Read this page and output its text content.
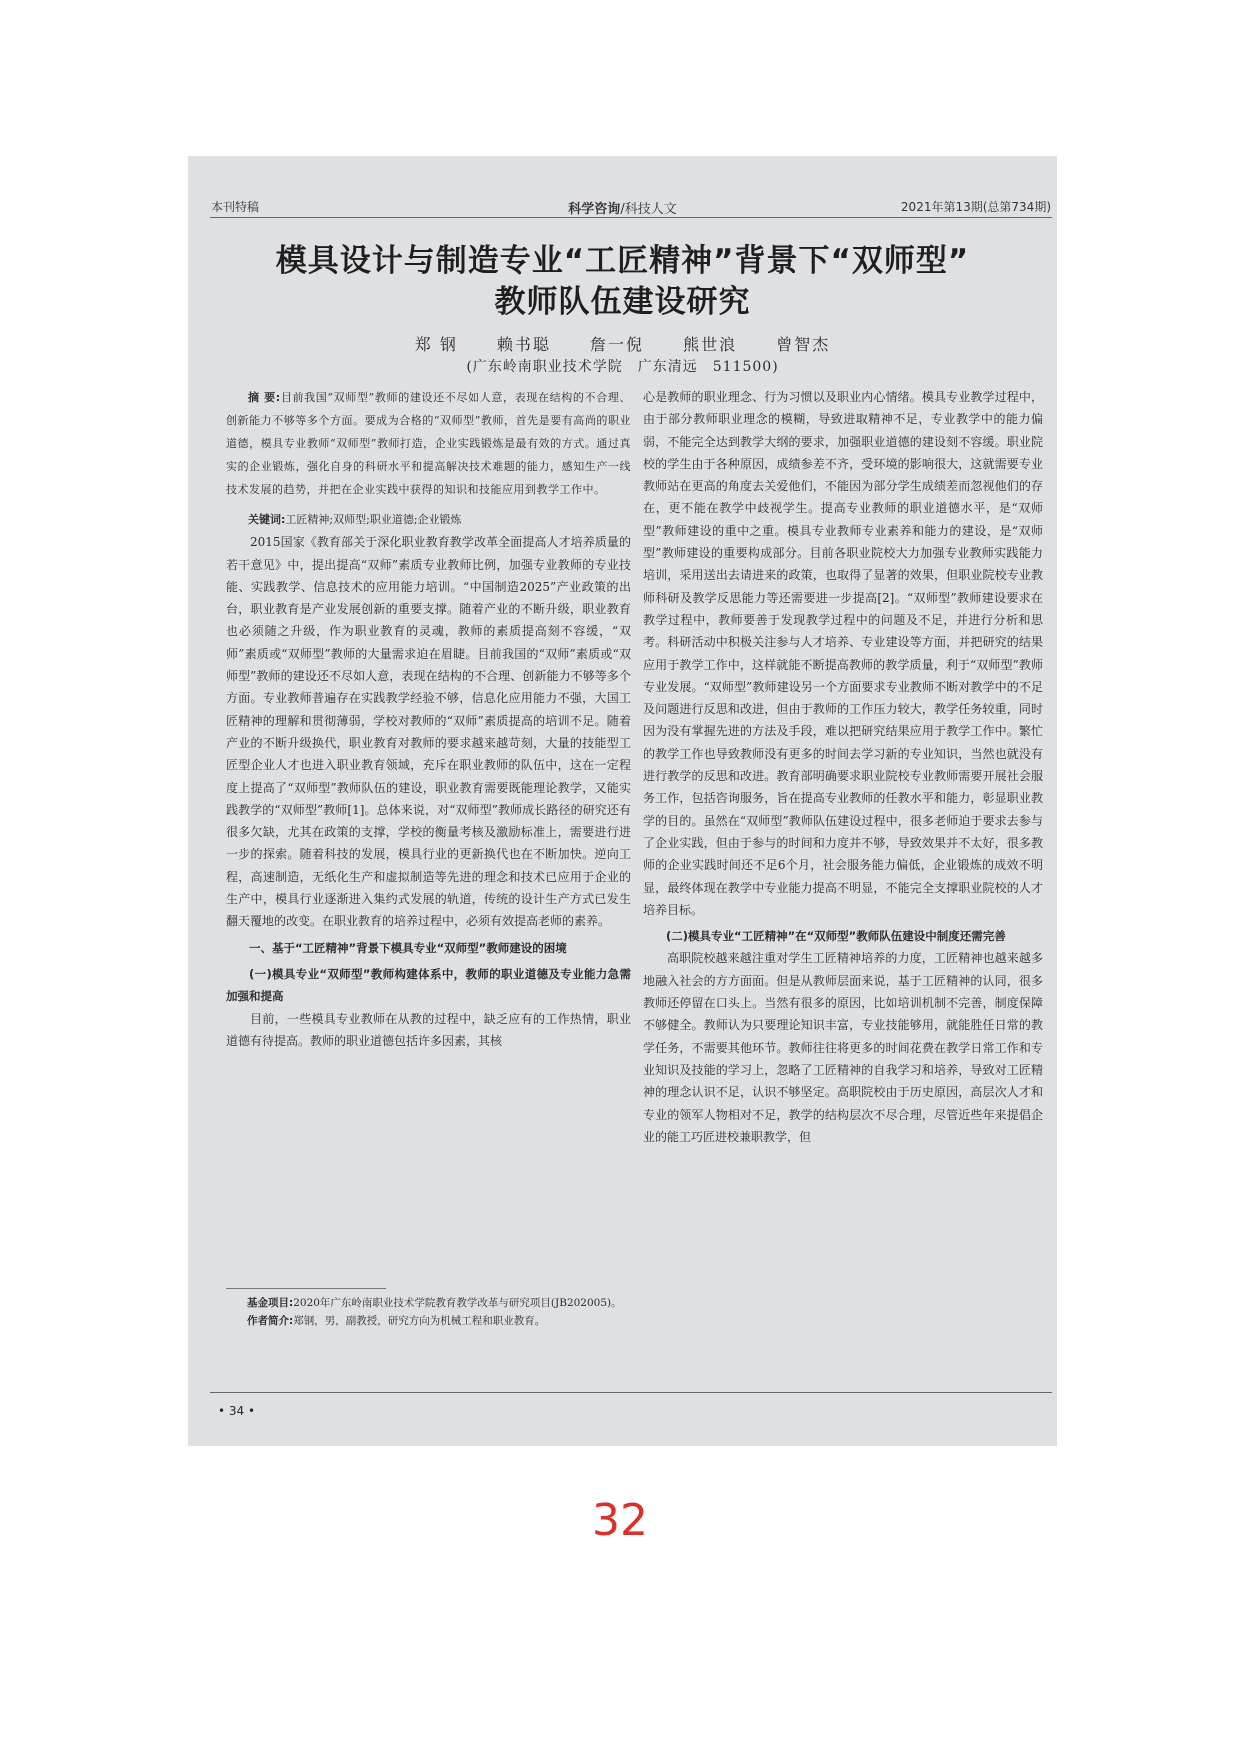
本刊特稿	科学咨询/科技人文	2021年第13期(总第734期)
模具设计与制造专业“工匠精神”背景下“双师型”
教师队伍建设研究
郑 钢 赖书聪 詹一倪 熊世浪 曾智杰
(广东岭南职业技术学院　广东清远　511500)

摘 要:目前我国“双师型”教师的建设还不尽如人意，表现在结构的不合理、创新能力不够等多个方面。要成为合格的“双师型”教师，首先是要有高尚的职业道德，模具专业教师“双师型”教师打造，企业实践锻炼是最有效的方式。通过真实的企业锻炼，强化自身的科研水平和提高解决技术难题的能力，感知生产一线技术发展的趋势，并把在企业实践中获得的知识和技能应用到教学工作中。

关键词:工匠精神;双师型;职业道德;企业锻炼

2015国家《教育部关于深化职业教育教学改革全面提高人才培养质量的若干意见》中，提出提高“双师”素质专业教师比例，加强专业教师的专业技能、实践教学、信息技术的应用能力培训。“中国制造2025”产业政策的出台，职业教育是产业发展创新的重要支撑。随着产业的不断升级，职业教育也必须随之升级，作为职业教育的灵魂，教师的素质提高刻不容缓，“双师”素质或“双师型”教师的大量需求迫在眉睫。目前我国的“双师”素质或“双师型”教师的建设还不尽如人意，表现在结构的不合理、创新能力不够等多个方面。专业教师普遍存在实践教学经验不够，信息化应用能力不强，大国工匠精神的理解和贯彻薄弱，学校对教师的“双师”素质提高的培训不足。随着产业的不断升级换代，职业教育对教师的要求越来越苛刻，大量的技能型工匠型企业人才也进入职业教育领域，充斥在职业教师的队伍中，这在一定程度上提高了“双师型”教师队伍的建设，职业教育需要既能理论教学，又能实践教学的“双师型”教师[1]。总体来说，对“双师型”教师成长路径的研究还有很多欠缺，尤其在政策的支撑，学校的衡量考核及激励标准上，需要进行进一步的探索。随着科技的发展，模具行业的更新换代也在不断加快。逆向工程，高速制造，无纸化生产和虚拟制造等先进的理念和技术已应用于企业的生产中，模具行业逐渐进入集约式发展的轨道，传统的设计生产方式已发生翻天覆地的改变。在职业教育的培养过程中，必须有效提高老师的素养。

一、基于“工匠精神”背景下模具专业“双师型”教师建设的困境

(一)模具专业“双师型”教师构建体系中，教师的职业道德及专业能力急需加强和提高

目前，一些模具专业教师在从教的过程中，缺乏应有的工作热情，职业道德有待提高。教师的职业道德包括许多因素，其核

基金项目:2020年广东岭南职业技术学院教育教学改革与研究项目(JB202005)。

作者简介:郑钢，男，副教授，研究方向为机械工程和职业教育。

心是教师的职业理念、行为习惯以及职业内心情绪。模具专业教学过程中，由于部分教师职业理念的模糊，导致进取精神不足，专业教学中的能力偏弱，不能完全达到教学大纲的要求，加强职业道德的建设刻不容缓。职业院校的学生由于各种原因，成绩参差不齐，受环境的影响很大，这就需要专业教师站在更高的角度去关爱他们，不能因为部分学生成绩差而忽视他们的存在，更不能在教学中歧视学生。提高专业教师的职业道德水平，是“双师型”教师建设的重中之重。模具专业教师专业素养和能力的建设，是“双师型”教师建设的重要构成部分。目前各职业院校大力加强专业教师实践能力培训，采用送出去请进来的政策，也取得了显著的效果，但职业院校专业教师科研及教学反思能力等还需要进一步提高[2]。“双师型”教师建设要求在教学过程中，教师要善于发现教学过程中的问题及不足，并进行分析和思考。科研活动中积极关注参与人才培养、专业建设等方面，并把研究的结果应用于教学工作中，这样就能不断提高教师的教学质量，利于“双师型”教师专业发展。“双师型”教师建设另一个方面要求专业教师不断对教学中的不足及问题进行反思和改进，但由于教师的工作压力较大，教学任务较重，同时因为没有掌握先进的方法及手段，难以把研究结果应用于教学工作中。繁忙的教学工作也导致教师没有更多的时间去学习新的专业知识，当然也就没有进行教学的反思和改进。教育部明确要求职业院校专业教师需要开展社会服务工作，包括咨询服务，旨在提高专业教师的任教水平和能力，彰显职业教学的目的。虽然在“双师型”教师队伍建设过程中，很多老师迫于要求去参与了企业实践，但由于参与的时间和力度并不够，导致效果并不太好，很多教师的企业实践时间还不足6个月，社会服务能力偏低，企业锻炼的成效不明显，最终体现在教学中专业能力提高不明显，不能完全支撑职业院校的人才培养目标。

(二)模具专业“工匠精神”在“双师型”教师队伍建设中制度还需完善

高职院校越来越注重对学生工匠精神培养的力度，工匠精神也越来越多地融入社会的方方面面。但是从教师层面来说，基于工匠精神的认同，很多教师还停留在口头上。当然有很多的原因，比如培训机制不完善，制度保障不够健全。教师认为只要理论知识丰富，专业技能够用，就能胜任日常的教学任务，不需要其他环节。教师往往将更多的时间花费在教学日常工作和专业知识及技能的学习上，忽略了工匠精神的自我学习和培养，导致对工匠精神的理念认识不足，认识不够坚定。高职院校由于历史原因，高层次人才和专业的领军人物相对不足，教学的结构层次不尽合理，尽管近些年来提倡企业的能工巧匠进校兼职教学，但

• 34 •
32
